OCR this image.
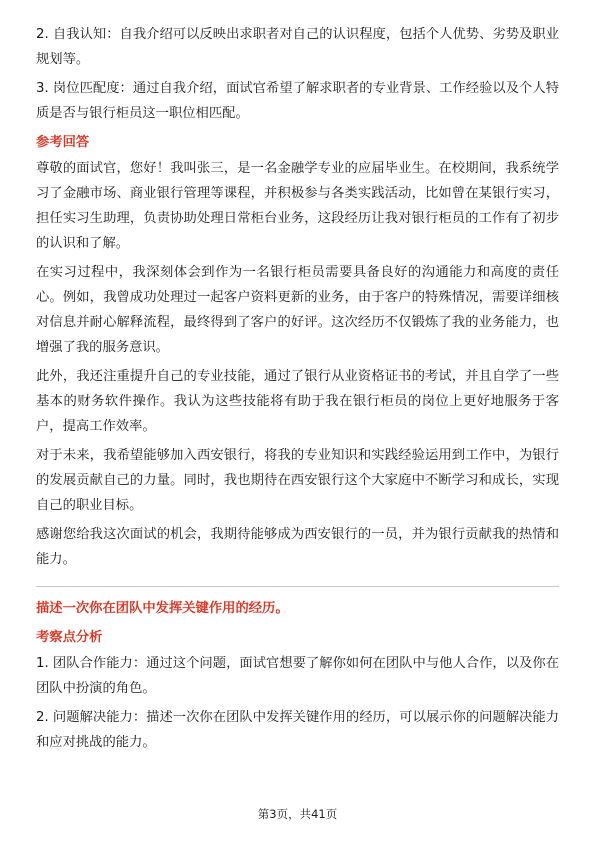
2. 自我认知：自我介绍可以反映出求职者对自己的认识程度，包括个人优势、劣势及职业规划等。

3. 岗位匹配度：通过自我介绍，面试官希望了解求职者的专业背景、工作经验以及个人特质是否与银行柜员这一职位相匹配。

参考回答

尊敬的面试官，您好！我叫张三，是一名金融学专业的应届毕业生。在校期间，我系统学习了金融市场、商业银行管理等课程，并积极参与各类实践活动，比如曾在某银行实习，担任实习生助理，负责协助处理日常柜台业务，这段经历让我对银行柜员的工作有了初步的认识和了解。

在实习过程中，我深刻体会到作为一名银行柜员需要具备良好的沟通能力和高度的责任心。例如，我曾成功处理过一起客户资料更新的业务，由于客户的特殊情况，需要详细核对信息并耐心解释流程，最终得到了客户的好评。这次经历不仅锻炼了我的业务能力，也增强了我的服务意识。

此外，我还注重提升自己的专业技能，通过了银行从业资格证书的考试，并且自学了一些基本的财务软件操作。我认为这些技能将有助于我在银行柜员的岗位上更好地服务于客户，提高工作效率。

对于未来，我希望能够加入西安银行，将我的专业知识和实践经验运用到工作中，为银行的发展贡献自己的力量。同时，我也期待在西安银行这个大家庭中不断学习和成长，实现自己的职业目标。

感谢您给我这次面试的机会，我期待能够成为西安银行的一员，并为银行贡献我的热情和能力。

描述一次你在团队中发挥关键作用的经历。
考察点分析

1. 团队合作能力：通过这个问题，面试官想要了解你如何在团队中与他人合作，以及你在团队中扮演的角色。

2. 问题解决能力：描述一次你在团队中发挥关键作用的经历，可以展示你的问题解决能力和应对挑战的能力。

第3页，共41页
